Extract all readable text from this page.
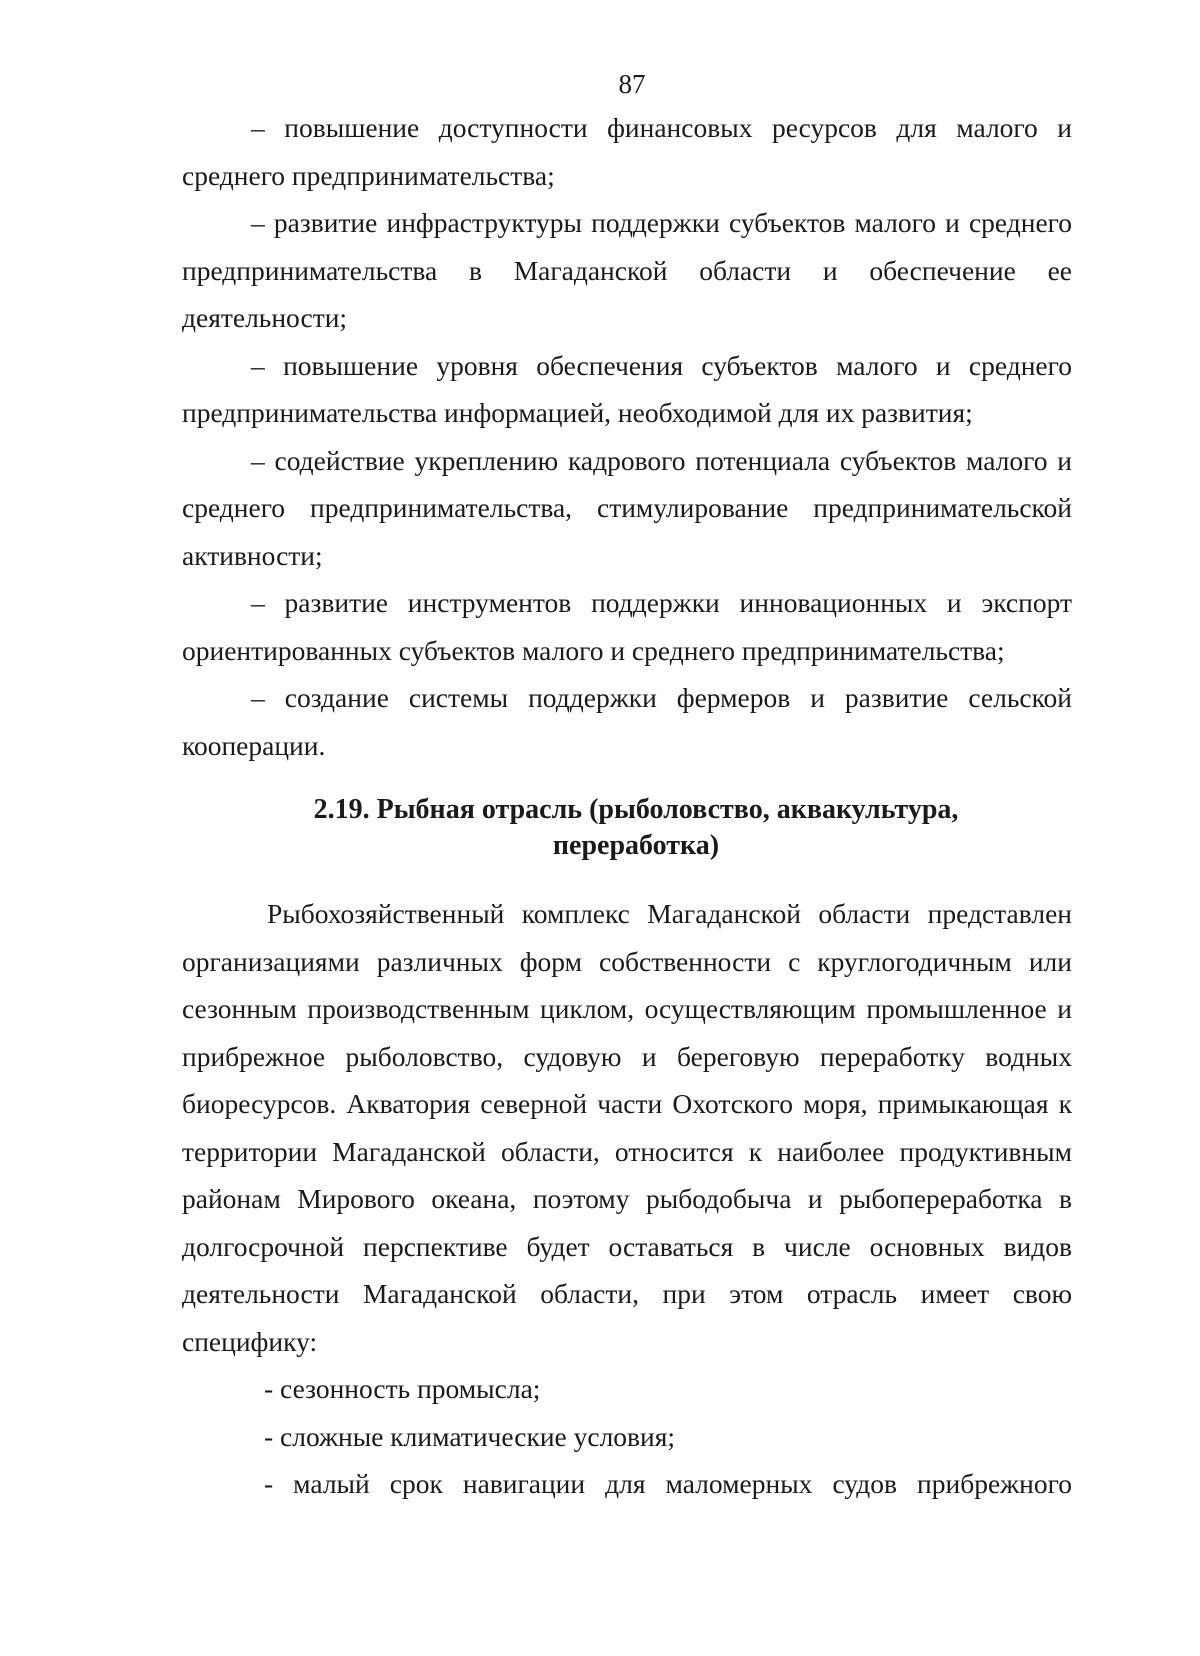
87

– повышение доступности финансовых ресурсов для малого и среднего предпринимательства;

– развитие инфраструктуры поддержки субъектов малого и среднего предпринимательства в Магаданской области и обеспечение ее деятельности;

– повышение уровня обеспечения субъектов малого и среднего предпринимательства информацией, необходимой для их развития;

– содействие укреплению кадрового потенциала субъектов малого и среднего предпринимательства, стимулирование предпринимательской активности;

– развитие инструментов поддержки инновационных и экспорт ориентированных субъектов малого и среднего предпринимательства;

– создание системы поддержки фермеров и развитие сельской кооперации.

2.19. Рыбная отрасль (рыболовство, аквакультура,
переработка)

Рыбохозяйственный комплекс Магаданской области представлен организациями различных форм собственности с круглогодичным или сезонным производственным циклом, осуществляющим промышленное и прибрежное рыболовство, судовую и береговую переработку водных биоресурсов. Акватория северной части Охотского моря, примыкающая к территории Магаданской области, относится к наиболее продуктивным районам Мирового океана, поэтому рыбодобыча и рыбопереработка в долгосрочной перспективе будет оставаться в числе основных видов деятельности Магаданской области, при этом отрасль имеет свою специфику:

- сезонность промысла;

- сложные климатические условия;

- малый срок навигации для маломерных судов прибрежного
